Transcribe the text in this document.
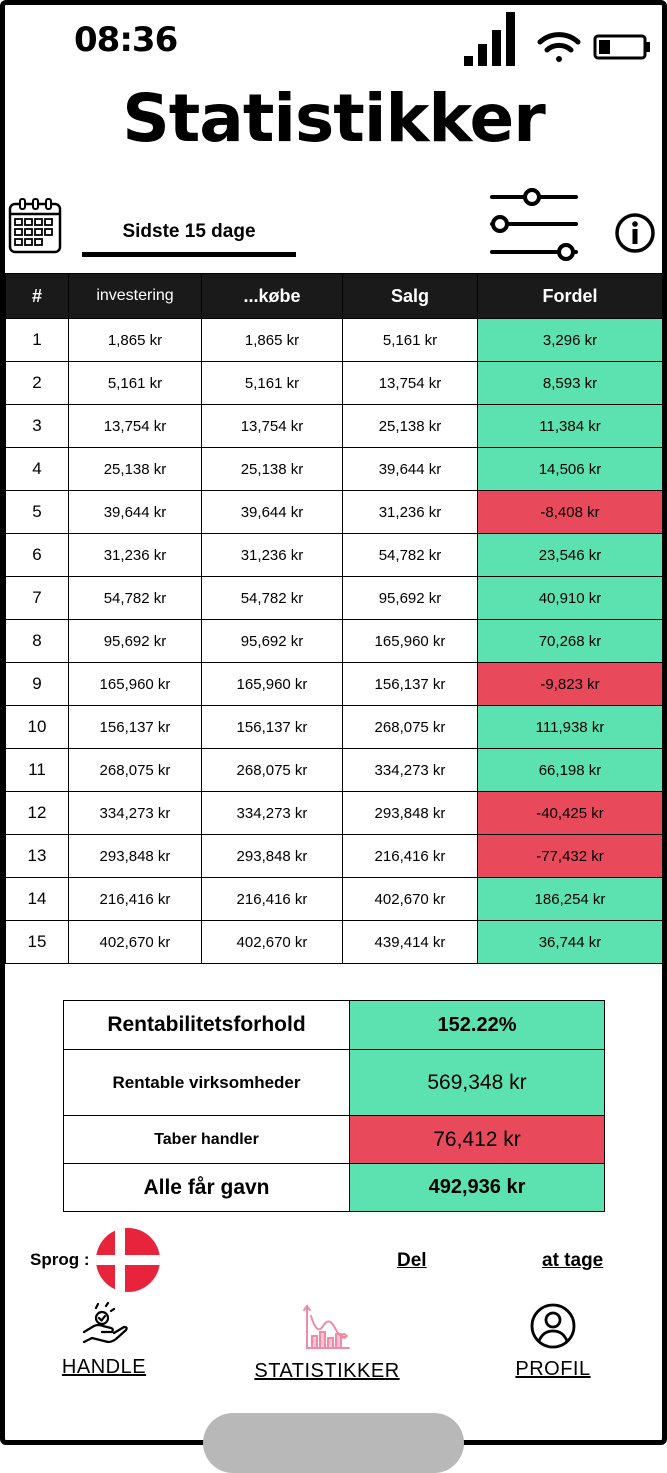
08:36
Statistikker
Sidste 15 dage
#	investering	...købe	Salg	Fordel
1	1,865 kr	1,865 kr	5,161 kr	3,296 kr
2	5,161 kr	5,161 kr	13,754 kr	8,593 kr
3	13,754 kr	13,754 kr	25,138 kr	11,384 kr
4	25,138 kr	25,138 kr	39,644 kr	14,506 kr
5	39,644 kr	39,644 kr	31,236 kr	-8,408 kr
6	31,236 kr	31,236 kr	54,782 kr	23,546 kr
7	54,782 kr	54,782 kr	95,692 kr	40,910 kr
8	95,692 kr	95,692 kr	165,960 kr	70,268 kr
9	165,960 kr	165,960 kr	156,137 kr	-9,823 kr
10	156,137 kr	156,137 kr	268,075 kr	111,938 kr
11	268,075 kr	268,075 kr	334,273 kr	66,198 kr
12	334,273 kr	334,273 kr	293,848 kr	-40,425 kr
13	293,848 kr	293,848 kr	216,416 kr	-77,432 kr
14	216,416 kr	216,416 kr	402,670 kr	186,254 kr
15	402,670 kr	402,670 kr	439,414 kr	36,744 kr
Rentabilitetsforhold	152.22%
Rentable virksomheder	569,348 kr
Taber handler	76,412 kr
Alle får gavn	492,936 kr
Sprog :	Del	at tage
HANDLE	STATISTIKKER	PROFIL
